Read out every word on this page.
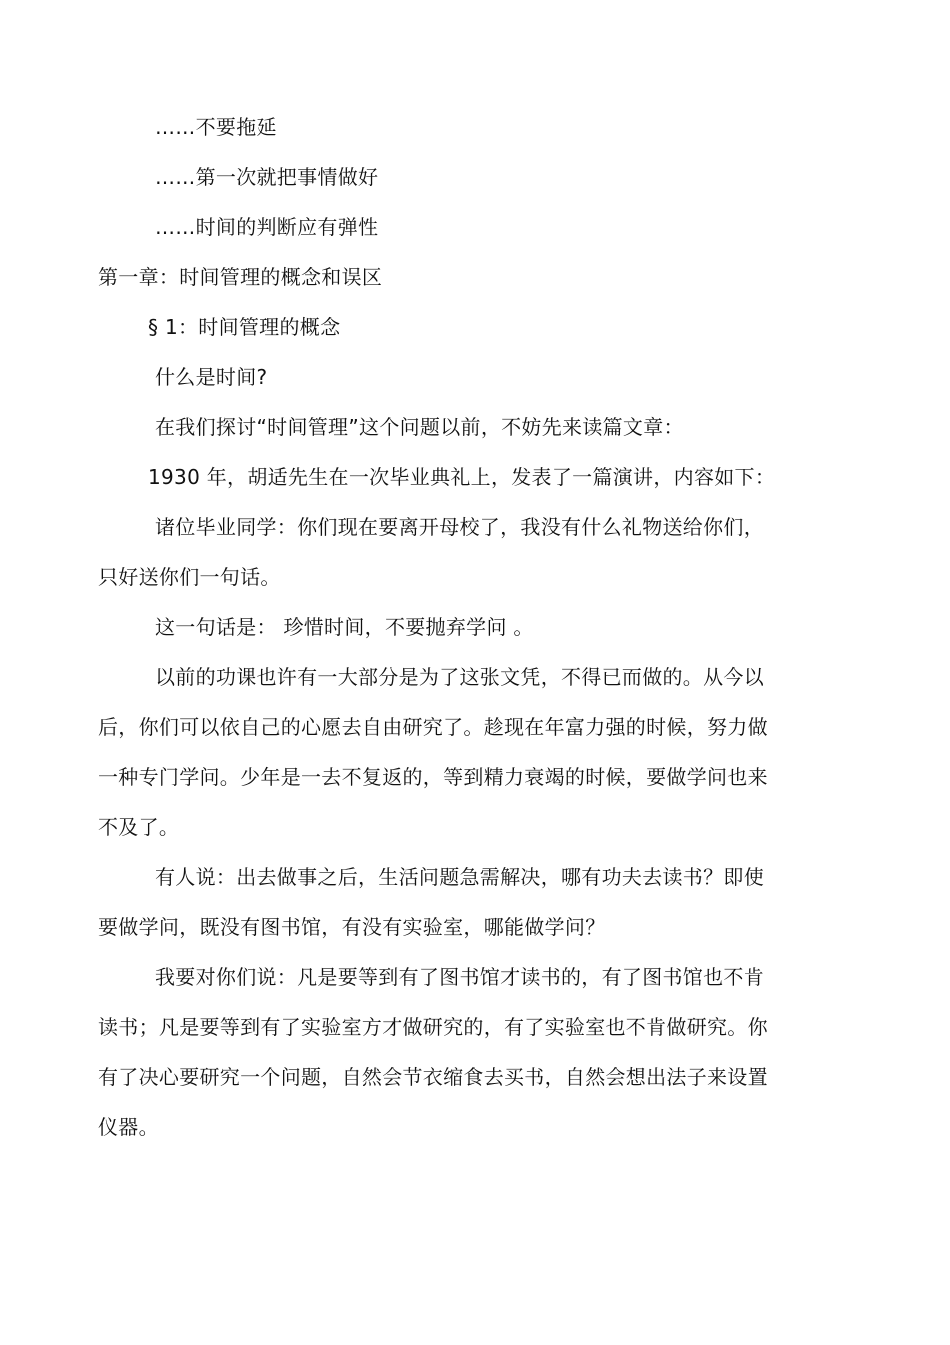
……不要拖延
……第一次就把事情做好
……时间的判断应有弹性
第一章：时间管理的概念和误区
§ 1：时间管理的概念
什么是时间?
在我们探讨“时间管理”这个问题以前，不妨先来读篇文章：
1930 年，胡适先生在一次毕业典礼上，发表了一篇演讲，内容如下：
诸位毕业同学：你们现在要离开母校了，我没有什么礼物送给你们，
只好送你们一句话。
这一句话是： 珍惜时间，不要抛弃学问 。
以前的功课也许有一大部分是为了这张文凭，不得已而做的。从今以
后，你们可以依自己的心愿去自由研究了。趁现在年富力强的时候，努力做
一种专门学问。少年是一去不复返的，等到精力衰竭的时候，要做学问也来
不及了。
有人说：出去做事之后，生活问题急需解决，哪有功夫去读书？即使
要做学问，既没有图书馆，有没有实验室，哪能做学问？
我要对你们说：凡是要等到有了图书馆才读书的，有了图书馆也不肯
读书；凡是要等到有了实验室方才做研究的，有了实验室也不肯做研究。你
有了决心要研究一个问题，自然会节衣缩食去买书，自然会想出法子来设置
仪器。
